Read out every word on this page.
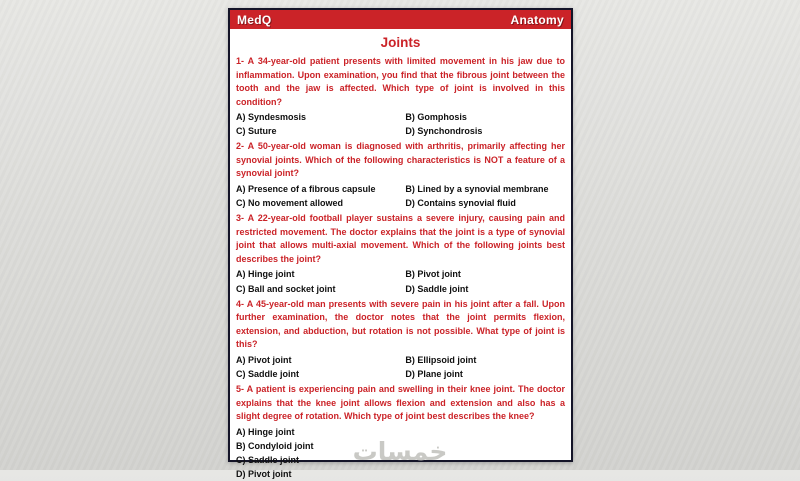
MedQ	Anatomy
Joints

1- A 34-year-old patient presents with limited movement in his jaw due to inflammation. Upon examination, you find that the fibrous joint between the tooth and the jaw is affected. Which type of joint is involved in this condition?

A) Syndesmosis	B) Gomphosis
C) Suture	D) Synchondrosis

2- A 50-year-old woman is diagnosed with arthritis, primarily affecting her synovial joints. Which of the following characteristics is NOT a feature of a synovial joint?

A) Presence of a fibrous capsule	B) Lined by a synovial membrane
C) No movement allowed	D) Contains synovial fluid

3- A 22-year-old football player sustains a severe injury, causing pain and restricted movement. The doctor explains that the joint is a type of synovial joint that allows multi-axial movement. Which of the following joints best describes the joint?

A) Hinge joint	B) Pivot joint
C) Ball and socket joint	D) Saddle joint

4- A 45-year-old man presents with severe pain in his joint after a fall. Upon further examination, the doctor notes that the joint permits flexion, extension, and abduction, but rotation is not possible. What type of joint is this?

A) Pivot joint	B) Ellipsoid joint
C) Saddle joint	D) Plane joint

5- A patient is experiencing pain and swelling in their knee joint. The doctor explains that the knee joint allows flexion and extension and also has a slight degree of rotation. Which type of joint best describes the knee?

A) Hinge joint
B) Condyloid joint
C) Saddle joint
D) Pivot joint
خمسات
